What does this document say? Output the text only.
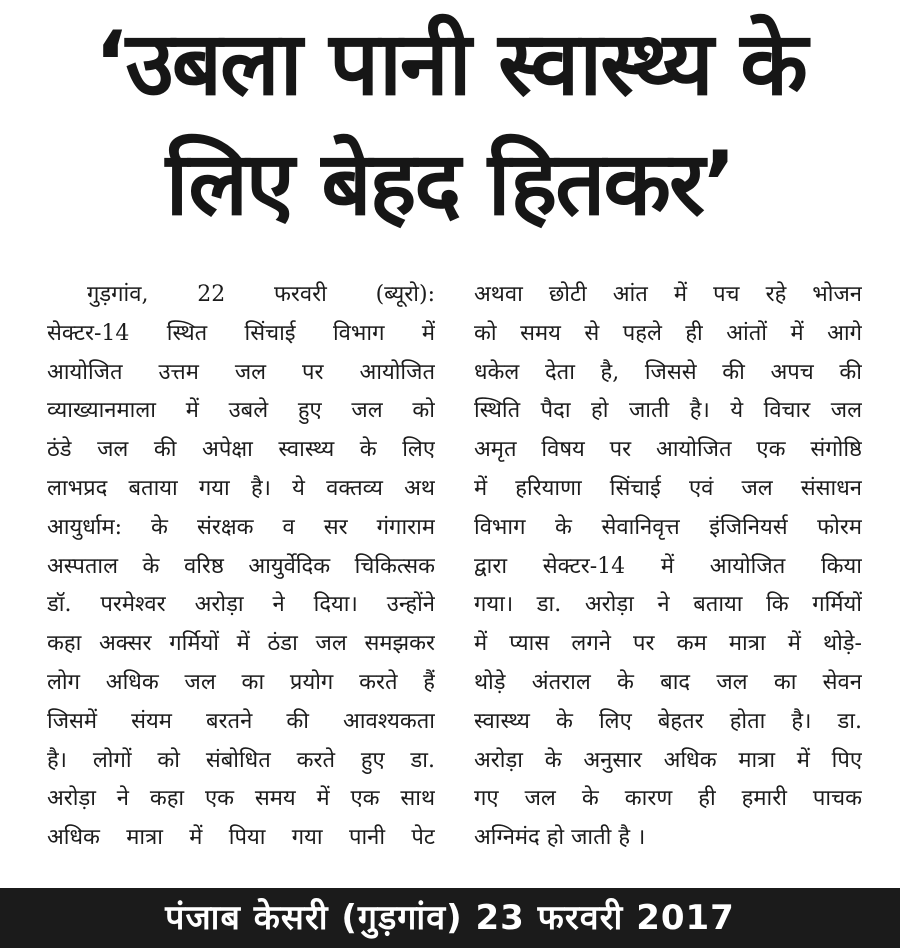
‘उबला पानी स्वास्थ्य के
लिए बेहद हितकर’
गुड़गांव, 22 फरवरी (ब्यूरो):
सेक्टर-14 स्थित सिंचाई विभाग में
आयोजित उत्तम जल पर आयोजित
व्याख्यानमाला में उबले हुए जल को
ठंडे जल की अपेक्षा स्वास्थ्य के लिए
लाभप्रद बताया गया है। ये वक्तव्य अथ
आयुर्धाम: के संरक्षक व सर गंगाराम
अस्पताल के वरिष्ठ आयुर्वेदिक चिकित्सक
डॉ. परमेश्वर अरोड़ा ने दिया। उन्होंने
कहा अक्सर गर्मियों में ठंडा जल समझकर
लोग अधिक जल का प्रयोग करते हैं
जिसमें संयम बरतने की आवश्यकता
है। लोगों को संबोधित करते हुए डा.
अरोड़ा ने कहा एक समय में एक साथ
अधिक मात्रा में पिया गया पानी पेट
अथवा छोटी आंत में पच रहे भोजन
को समय से पहले ही आंतों में आगे
धकेल देता है, जिससे की अपच की
स्थिति पैदा हो जाती है। ये विचार जल
अमृत विषय पर आयोजित एक संगोष्ठि
में हरियाणा सिंचाई एवं जल संसाधन
विभाग के सेवानिवृत्त इंजिनियर्स फोरम
द्वारा सेक्टर-14 में आयोजित किया
गया। डा. अरोड़ा ने बताया कि गर्मियों
में प्यास लगने पर कम मात्रा में थोड़े-
थोड़े अंतराल के बाद जल का सेवन
स्वास्थ्य के लिए बेहतर होता है। डा.
अरोड़ा के अनुसार अधिक मात्रा में पिए
गए जल के कारण ही हमारी पाचक
अग्निमंद हो जाती है ।
पंजाब केसरी (गुड़गांव) 23 फरवरी 2017
